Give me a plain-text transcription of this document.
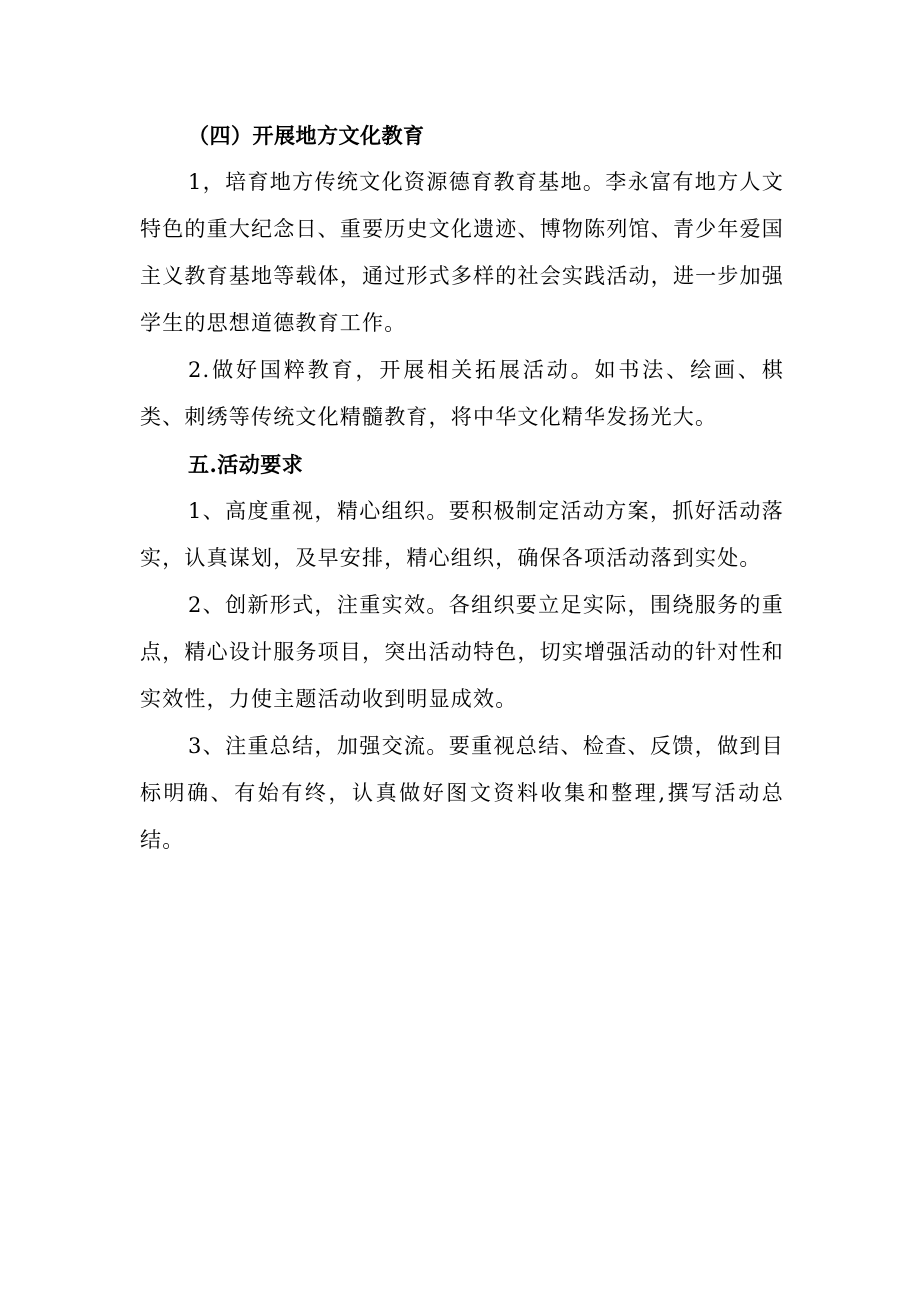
（四）开展地方文化教育

1，培育地方传统文化资源德育教育基地。李永富有地方人文特色的重大纪念日、重要历史文化遗迹、博物陈列馆、青少年爱国主义教育基地等载体，通过形式多样的社会实践活动，进一步加强学生的思想道德教育工作。

2.做好国粹教育，开展相关拓展活动。如书法、绘画、棋类、刺绣等传统文化精髓教育，将中华文化精华发扬光大。

五.活动要求

1、高度重视，精心组织。要积极制定活动方案，抓好活动落实，认真谋划，及早安排，精心组织，确保各项活动落到实处。

2、创新形式，注重实效。各组织要立足实际，围绕服务的重点，精心设计服务项目，突出活动特色，切实增强活动的针对性和实效性，力使主题活动收到明显成效。

3、注重总结，加强交流。要重视总结、检查、反馈，做到目标明确、有始有终，认真做好图文资料收集和整理,撰写活动总结。
